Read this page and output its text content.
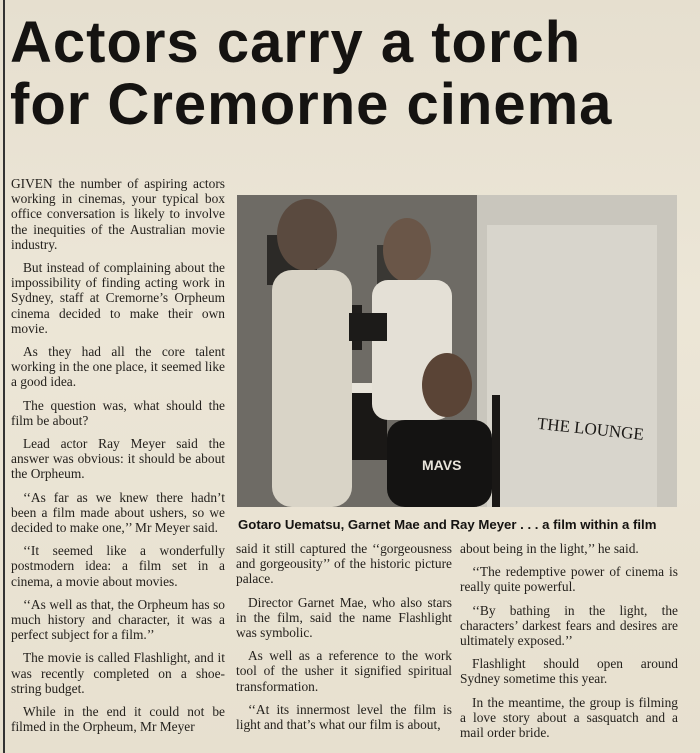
Actors carry a torch
for Cremorne cinema

GIVEN the number of aspiring actors working in cinemas, your typical box office conversation is likely to involve the inequities of the Australian movie industry.

But instead of complaining about the impossibility of finding acting work in Sydney, staff at Cremorne’s Orpheum cinema decided to make their own movie.

As they had all the core talent working in the one place, it seemed like a good idea.

The question was, what should the film be about?

Lead actor Ray Meyer said the answer was obvious: it should be about the Orpheum.

‘‘As far as we knew there hadn’t been a film made about ushers, so we decided to make one,’’ Mr Meyer said.

‘‘It seemed like a wonderfully postmodern idea: a film set in a cinema, a movie about movies.

‘‘As well as that, the Orpheum has so much history and character, it was a perfect subject for a film.’’

The movie is called Flashlight, and it was recently completed on a shoe-string budget.

While in the end it could not be filmed in the Orpheum, Mr Meyer

MAVS
THE LOUNGE
Gotaro Uematsu, Garnet Mae and Ray Meyer . . . a film within a film

said it still captured the ‘‘gorgeousness and gorgeousity’’ of the historic picture palace.

Director Garnet Mae, who also stars in the film, said the name Flashlight was symbolic.

As well as a reference to the work tool of the usher it signified spiritual transformation.

‘‘At its innermost level the film is light and that’s what our film is about,

about being in the light,’’ he said.

‘‘The redemptive power of cinema is really quite powerful.

‘‘By bathing in the light, the characters’ darkest fears and desires are ultimately exposed.’’

Flashlight should open around Sydney sometime this year.

In the meantime, the group is filming a love story about a sasquatch and a mail order bride.
